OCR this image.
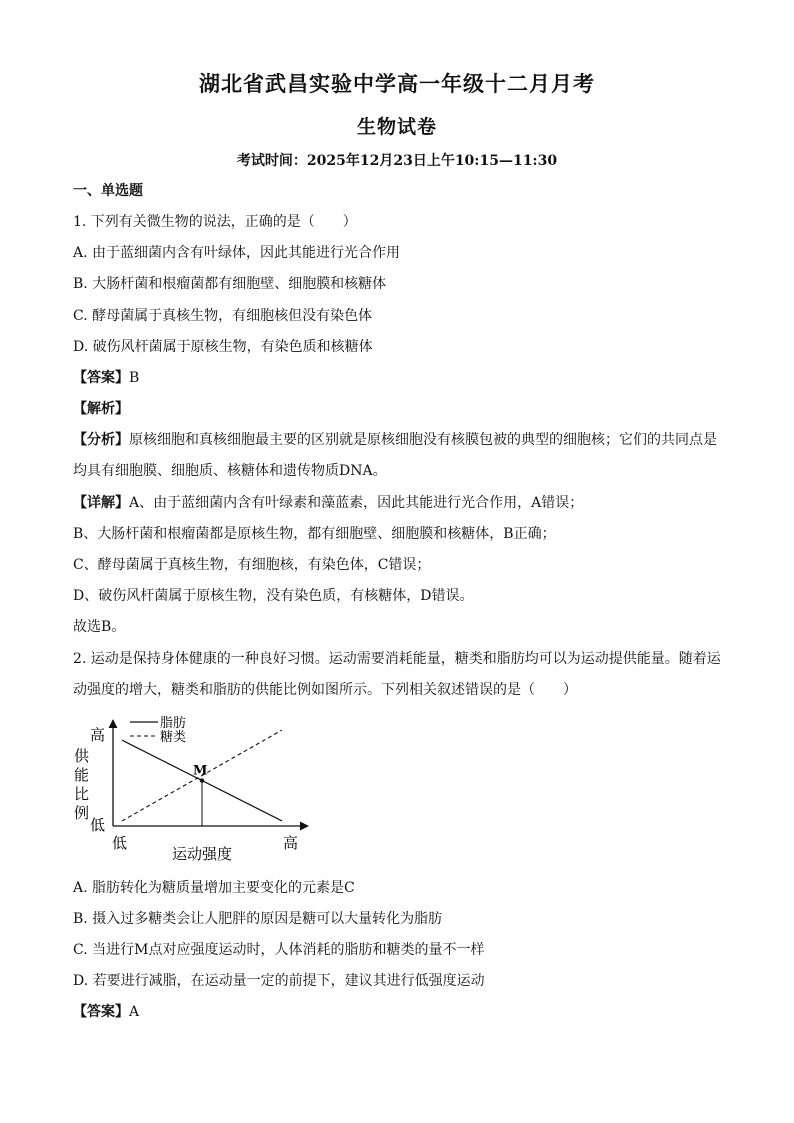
湖北省武昌实验中学高一年级十二月月考
生物试卷
考试时间：2025年12月23日上午10:15—11:30
一、单选题
1. 下列有关微生物的说法，正确的是（　　）
A. 由于蓝细菌内含有叶绿体，因此其能进行光合作用
B. 大肠杆菌和根瘤菌都有细胞壁、细胞膜和核糖体
C. 酵母菌属于真核生物，有细胞核但没有染色体
D. 破伤风杆菌属于原核生物，有染色质和核糖体
【答案】B
【解析】
【分析】原核细胞和真核细胞最主要的区别就是原核细胞没有核膜包被的典型的细胞核；它们的共同点是
均具有细胞膜、细胞质、核糖体和遗传物质DNA。
【详解】A、由于蓝细菌内含有叶绿素和藻蓝素，因此其能进行光合作用，A错误；
B、大肠杆菌和根瘤菌都是原核生物，都有细胞壁、细胞膜和核糖体，B正确；
C、酵母菌属于真核生物，有细胞核，有染色体，C错误；
D、破伤风杆菌属于原核生物，没有染色质，有核糖体，D错误。
故选B。
2. 运动是保持身体健康的一种良好习惯。运动需要消耗能量，糖类和脂肪均可以为运动提供能量。随着运
动强度的增大，糖类和脂肪的供能比例如图所示。下列相关叙述错误的是（　　）
高
供
能
比
例
低
低	高
运动强度
脂肪
糖类
M
A. 脂肪转化为糖质量增加主要变化的元素是C
B. 摄入过多糖类会让人肥胖的原因是糖可以大量转化为脂肪
C. 当进行M点对应强度运动时，人体消耗的脂肪和糖类的量不一样
D. 若要进行减脂，在运动量一定的前提下，建议其进行低强度运动
【答案】A
